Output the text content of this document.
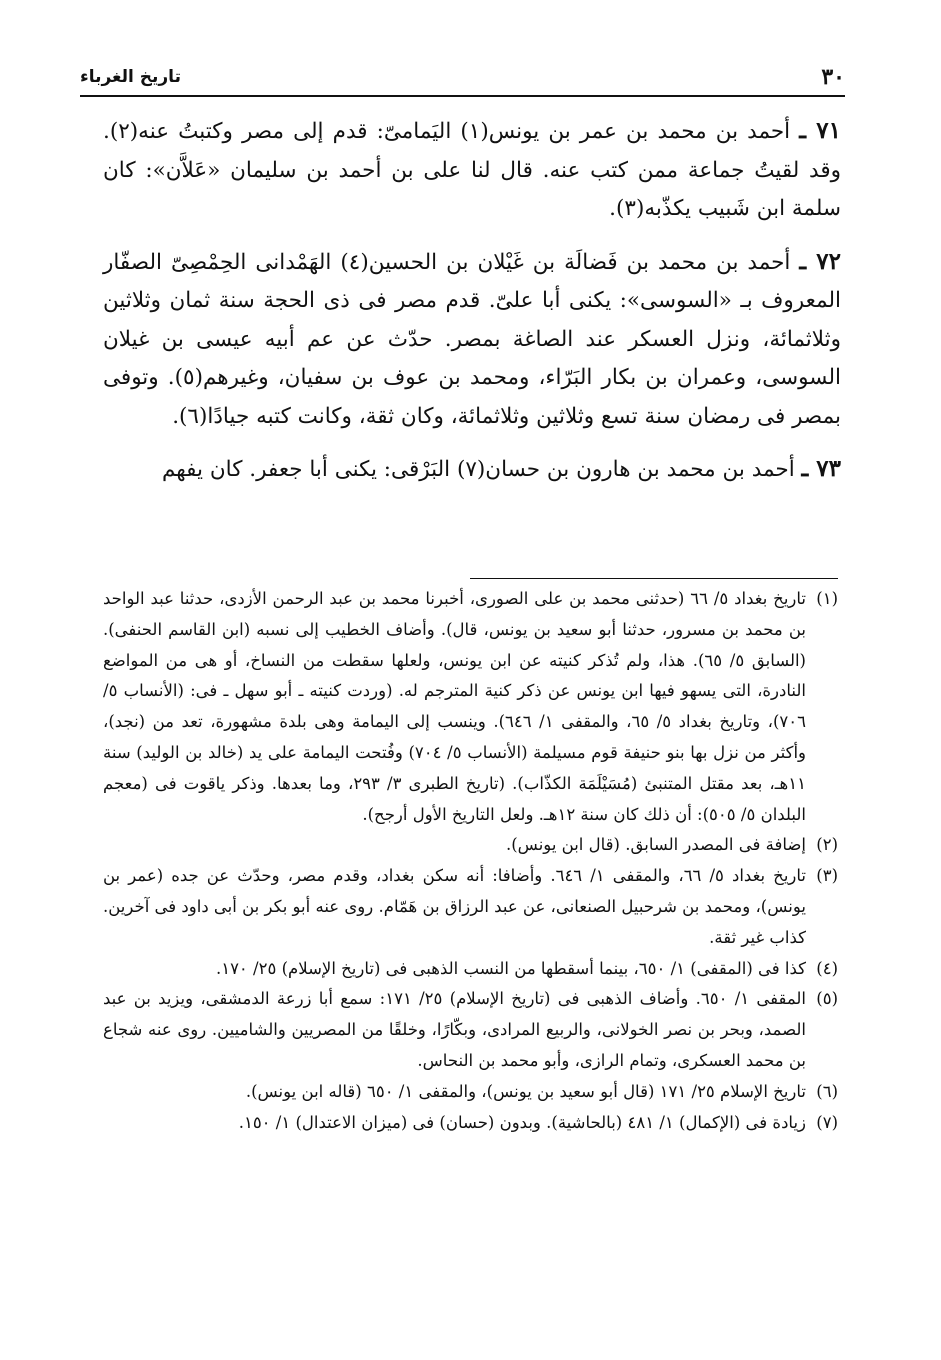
٣٠
تاريخ الغرباء

٧١ ـ أحمد بن محمد بن عمر بن يونس(١) اليَمامىّ: قدم إلى مصر وكتبتُ عنه(٢). وقد لقيتُ جماعة ممن كتب عنه. قال لنا على بن أحمد بن سليمان «عَلاَّن»: كان سلمة ابن شَبيب يكذّبه(٣).

٧٢ ـ أحمد بن محمد بن فَضالَة بن غَيْلان بن الحسين(٤) الهَمْدانى الحِمْصِىّ الصفّار المعروف بـ «السوسى»: يكنى أبا علىّ. قدم مصر فى ذى الحجة سنة ثمان وثلاثين وثلاثمائة، ونزل العسكر عند الصاغة بمصر. حدّث عن عم أبيه عيسى بن غيلان السوسى، وعمران بن بكار البَرّاء، ومحمد بن عوف بن سفيان، وغيرهم(٥). وتوفى بمصر فى رمضان سنة تسع وثلاثين وثلاثمائة، وكان ثقة، وكانت كتبه جيادًا(٦).

٧٣ ـ أحمد بن محمد بن هارون بن حسان(٧) البَرْقى: يكنى أبا جعفر. كان يفهم

(١)
تاريخ بغداد ٥/ ٦٦ (حدثنى محمد بن على الصورى، أخبرنا محمد بن عبد الرحمن الأزدى، حدثنا عبد الواحد بن محمد بن مسرور، حدثنا أبو سعيد بن يونس، قال). وأضاف الخطيب إلى نسبه (ابن القاسم الحنفى). (السابق ٥/ ٦٥). هذا، ولم تُذكر كنيته عن ابن يونس، ولعلها سقطت من النساخ، أو هى من المواضع النادرة، التى يسهو فيها ابن يونس عن ذكر كنية المترجم له. (وردت كنيته ـ أبو سهل ـ فى: (الأنساب ٥/ ٧٠٦)، وتاريخ بغداد ٥/ ٦٥، والمقفى ١/ ٦٤٦). وينسب إلى اليمامة وهى بلدة مشهورة، تعد من (نجد)، وأكثر من نزل بها بنو حنيفة قوم مسيلمة (الأنساب ٥/ ٧٠٤) وفُتحت اليمامة على يد (خالد بن الوليد) سنة ١١هـ، بعد مقتل المتنبئ (مُسَيْلَمَة الكذّاب). (تاريخ الطبرى ٣/ ٢٩٣، وما بعدها. وذكر ياقوت فى (معجم البلدان ٥/ ٥٠٥): أن ذلك كان سنة ١٢هـ. ولعل التاريخ الأول أرجح).
(٢)
إضافة فى المصدر السابق. (قال ابن يونس).
(٣)
تاريخ بغداد ٥/ ٦٦، والمقفى ١/ ٦٤٦. وأضافا: أنه سكن بغداد، وقدم مصر، وحدّث عن جده (عمر بن يونس)، ومحمد بن شرحبيل الصنعانى، عن عبد الرزاق بن هَمّام. روى عنه أبو بكر بن أبى داود فى آخرين. كذاب غير ثقة.
(٤)
كذا فى (المقفى) ١/ ٦٥٠، بينما أسقطها من النسب الذهبى فى (تاريخ الإسلام) ٢٥/ ١٧٠.
(٥)
المقفى ١/ ٦٥٠. وأضاف الذهبى فى (تاريخ الإسلام) ٢٥/ ١٧١: سمع أبا زرعة الدمشقى، ويزيد بن عبد الصمد، وبحر بن نصر الخولانى، والربيع المرادى، وبكّارًا، وخلقًا من المصريين والشاميين. روى عنه شجاع بن محمد العسكرى، وتمام الرازى، وأبو محمد بن النحاس.
(٦)
تاريخ الإسلام ٢٥/ ١٧١ (قال أبو سعيد بن يونس)، والمقفى ١/ ٦٥٠ (قاله ابن يونس).
(٧)
زيادة فى (الإكمال) ١/ ٤٨١ (بالحاشية). وبدون (حسان) فى (ميزان الاعتدال) ١/ ١٥٠.
